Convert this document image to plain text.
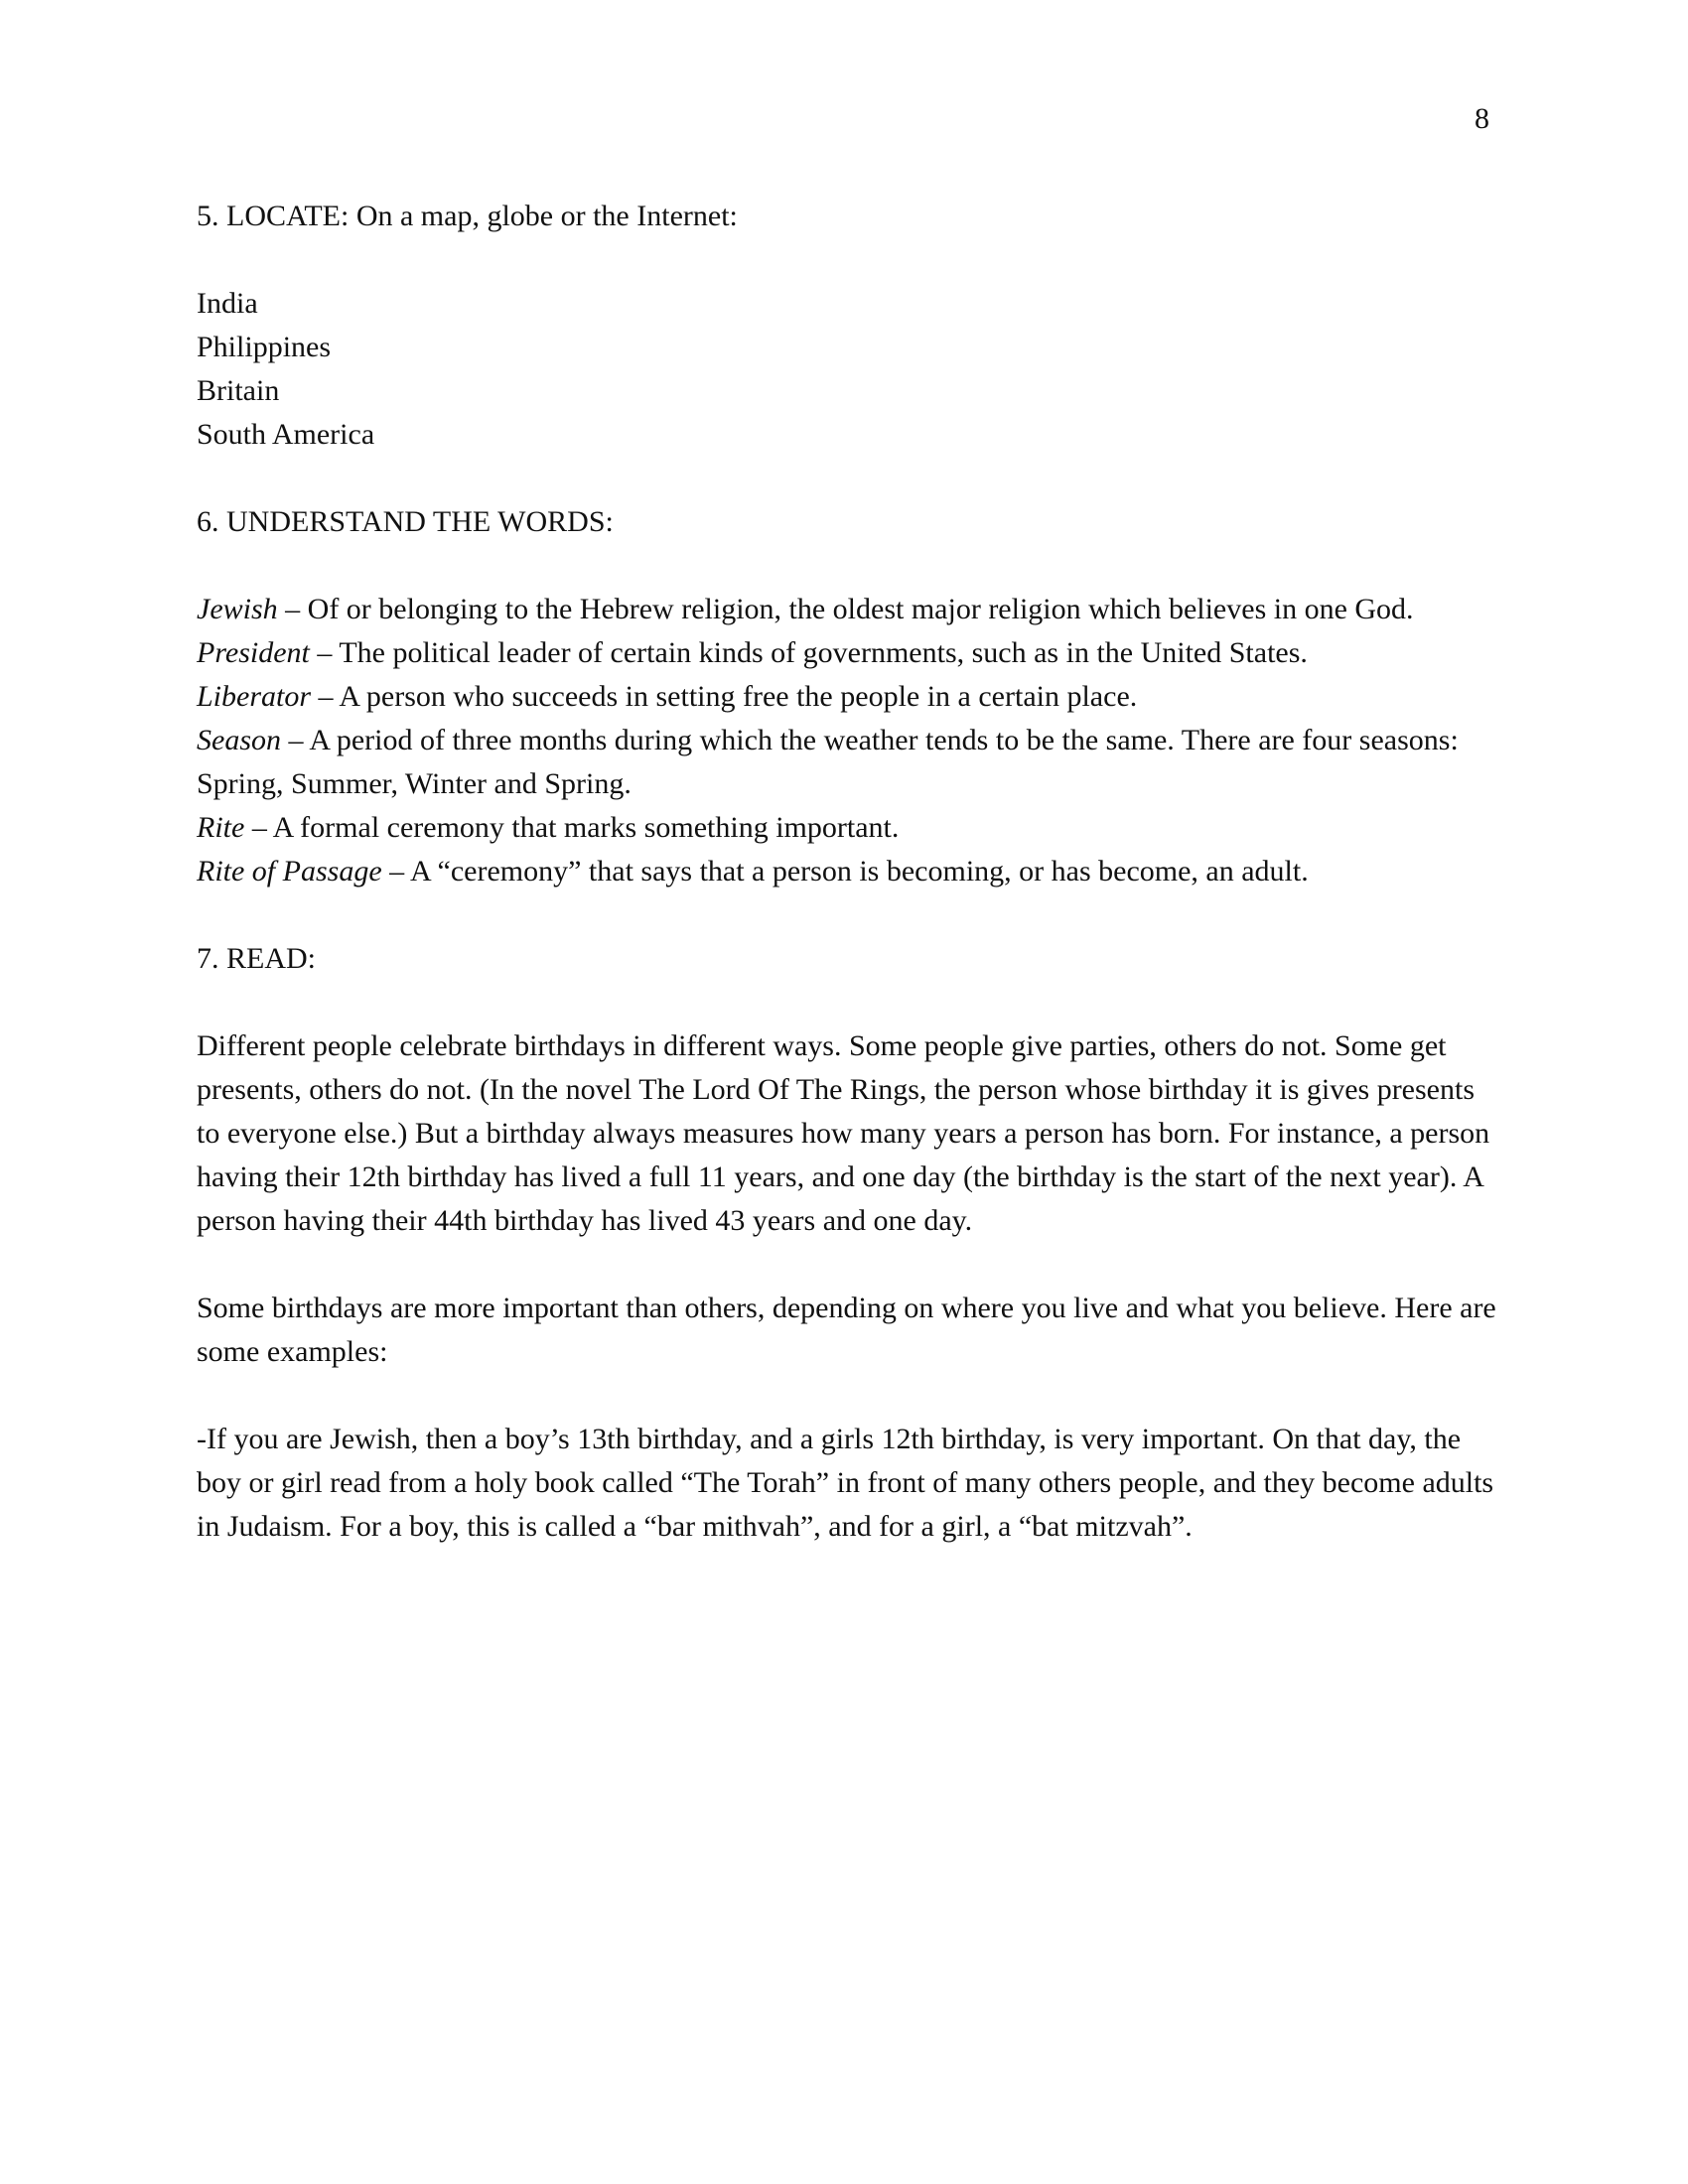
8

5. LOCATE: On a map, globe or the Internet:

India

Philippines

Britain

South America

6. UNDERSTAND THE WORDS:

Jewish – Of or belonging to the Hebrew religion, the oldest major religion which believes in one God.

President – The political leader of certain kinds of governments, such as in the United States.

Liberator – A person who succeeds in setting free the people in a certain place.

Season – A period of three months during which the weather tends to be the same. There are four seasons: Spring, Summer, Winter and Spring.

Rite – A formal ceremony that marks something important.

Rite of Passage – A “ceremony” that says that a person is becoming, or has become, an adult.

7. READ:

Different people celebrate birthdays in different ways. Some people give parties, others do not. Some get presents, others do not. (In the novel The Lord Of The Rings, the person whose birthday it is gives presents to everyone else.) But a birthday always measures how many years a person has born. For instance, a person having their 12th birthday has lived a full 11 years, and one day (the birthday is the start of the next year). A person having their 44th birthday has lived 43 years and one day.

Some birthdays are more important than others, depending on where you live and what you believe. Here are some examples:

-If you are Jewish, then a boy’s 13th birthday, and a girls 12th birthday, is very important. On that day, the boy or girl read from a holy book called “The Torah” in front of many others people, and they become adults in Judaism. For a boy, this is called a “bar mithvah”, and for a girl, a “bat mitzvah”.
